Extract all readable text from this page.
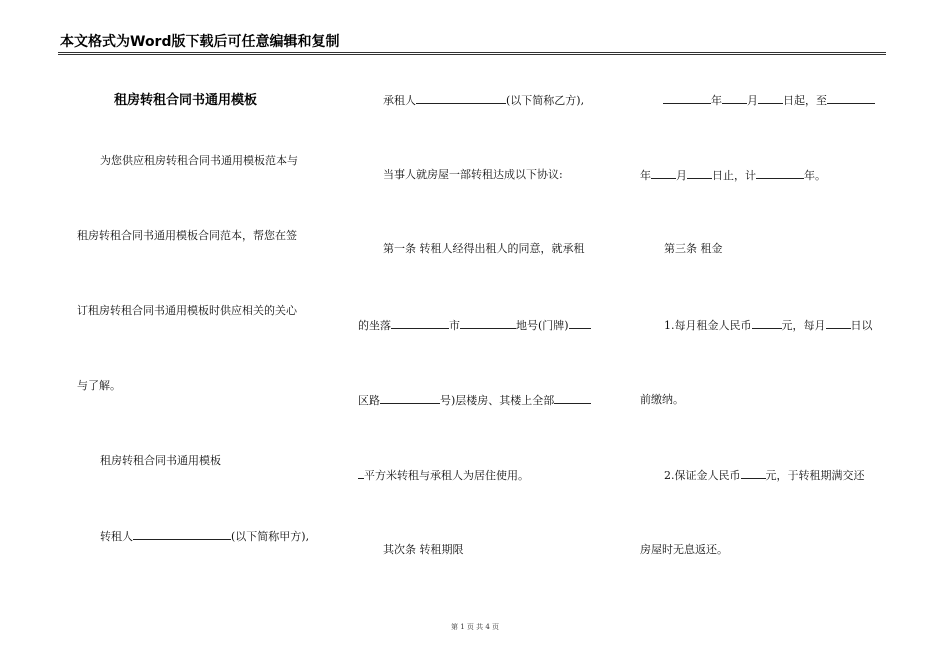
本文格式为Word版下载后可任意编辑和复制
租房转租合同书通用模板
为您供应租房转租合同书通用模板范本与
租房转租合同书通用模板合同范本，帮您在签
订租房转租合同书通用模板时供应相关的关心
与了解。
租房转租合同书通用模板
转租人	(以下简称甲方),
承租人	(以下简称乙方),
当事人就房屋一部转租达成以下协议:
第一条 转租人经得出租人的同意，就承租
的坐落	市	地号(门牌)
区路	号)层楼房、其楼上全部
平方米转租与承租人为居住使用。
其次条 转租期限
年 月 日起，至
年 月 日止，计	年。
第三条 租金
1.每月租金人民币	元，每月 日以
前缴纳。
2.保证金人民币 元，于转租期满交还
房屋时无息返还。
第 1 页 共 4 页
